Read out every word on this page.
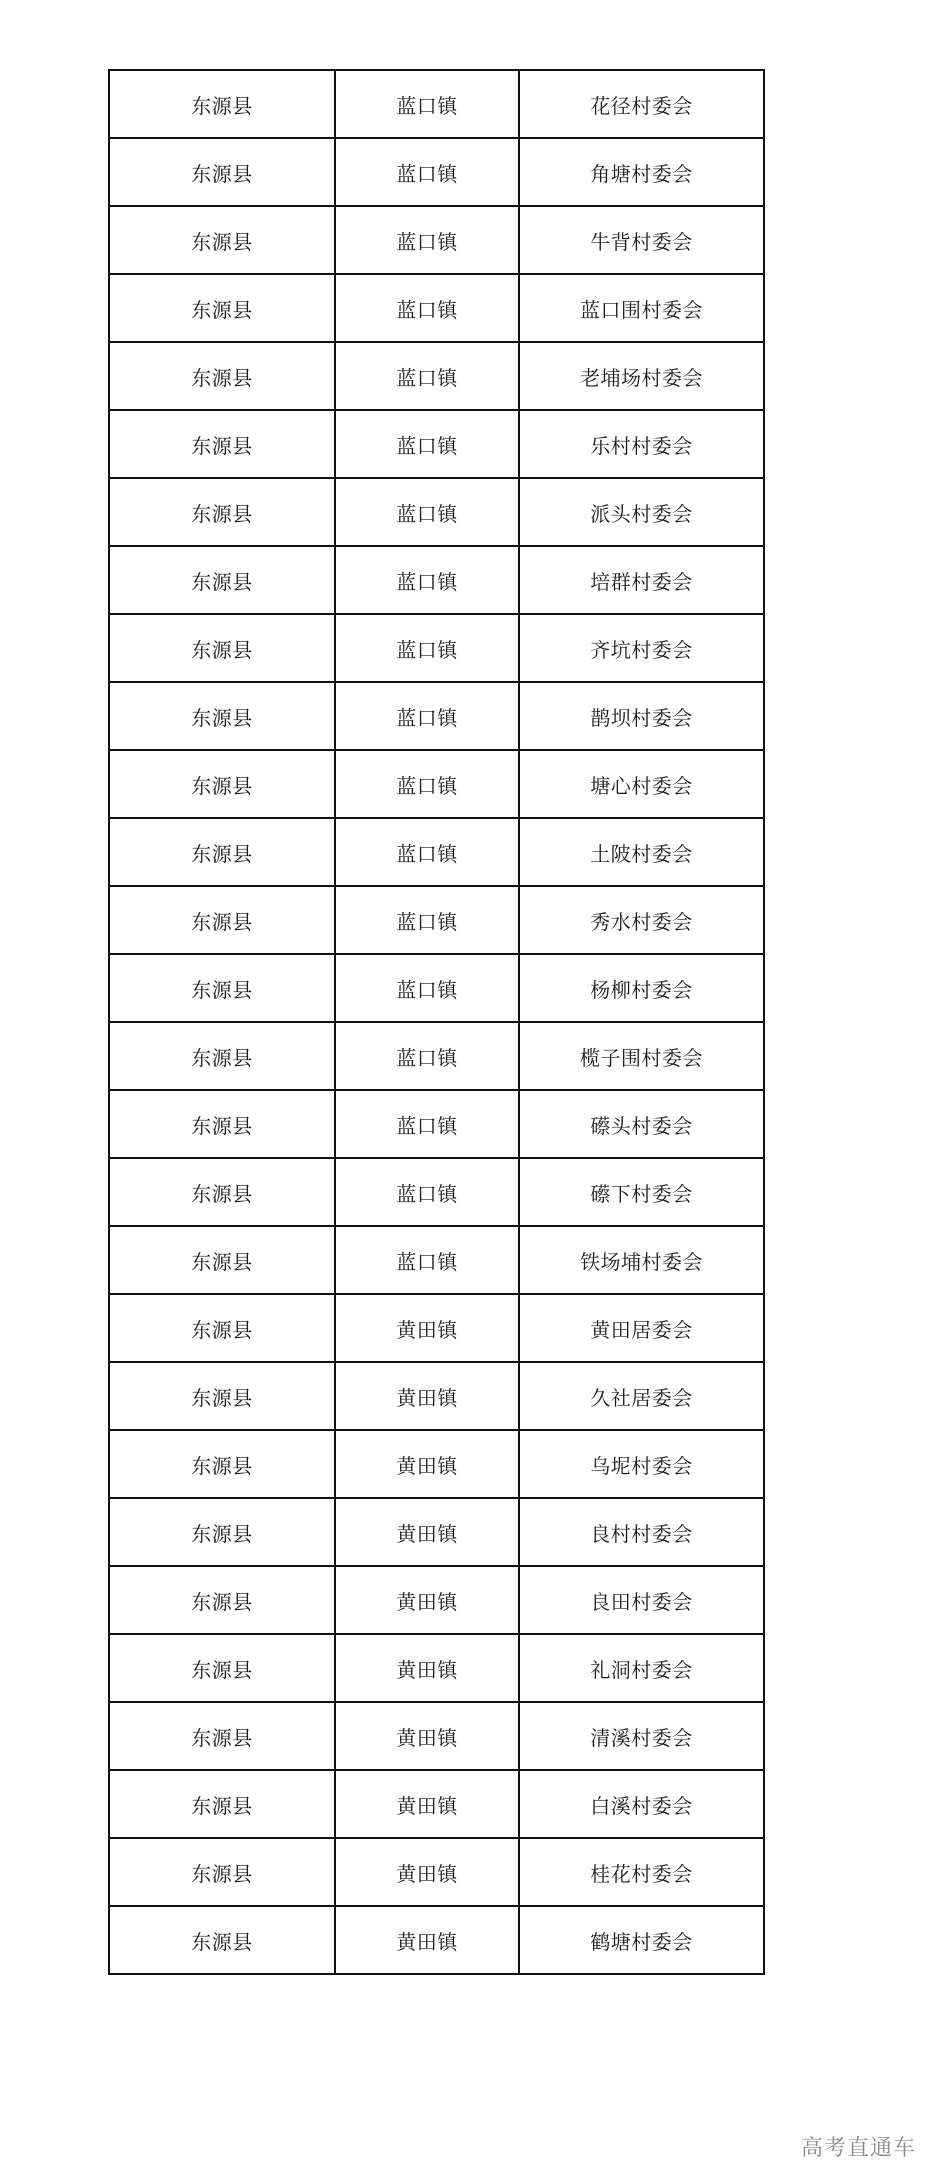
东源县	蓝口镇	花径村委会
东源县	蓝口镇	角塘村委会
东源县	蓝口镇	牛背村委会
东源县	蓝口镇	蓝口围村委会
东源县	蓝口镇	老埔场村委会
东源县	蓝口镇	乐村村委会
东源县	蓝口镇	派头村委会
东源县	蓝口镇	培群村委会
东源县	蓝口镇	齐坑村委会
东源县	蓝口镇	鹊坝村委会
东源县	蓝口镇	塘心村委会
东源县	蓝口镇	土陂村委会
东源县	蓝口镇	秀水村委会
东源县	蓝口镇	杨柳村委会
东源县	蓝口镇	榄子围村委会
东源县	蓝口镇	礤头村委会
东源县	蓝口镇	礤下村委会
东源县	蓝口镇	铁场埔村委会
东源县	黄田镇	黄田居委会
东源县	黄田镇	久社居委会
东源县	黄田镇	乌坭村委会
东源县	黄田镇	良村村委会
东源县	黄田镇	良田村委会
东源县	黄田镇	礼洞村委会
东源县	黄田镇	清溪村委会
东源县	黄田镇	白溪村委会
东源县	黄田镇	桂花村委会
东源县	黄田镇	鹤塘村委会
高考直通车
